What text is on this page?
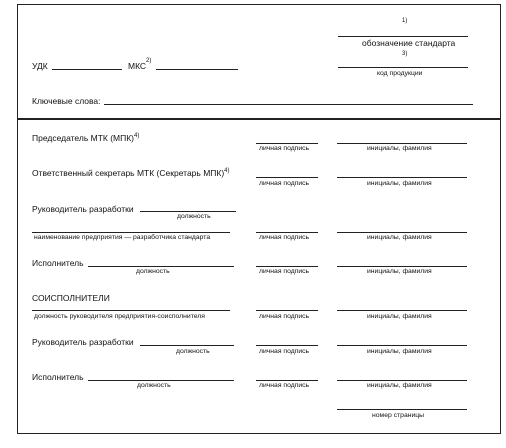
1)
обозначение стандарта
3)
код продукции
УДК	МКС 2)
Ключевые слова:
Председатель МТК (МПК)$^{4)}$
личная подпись	инициалы, фамилия
Ответственный секретарь МТК (Секретарь МПК)$^{4)}$
личная подпись	инициалы, фамилия
Руководитель разработки
должность
наименование предприятия — разработчика стандарта	личная подпись	инициалы, фамилия
Исполнитель
должность	личная подпись	инициалы, фамилия
СОИСПОЛНИТЕЛИ
должность руководителя предприятия-соисполнителя	личная подпись	инициалы, фамилия
Руководитель разработки
должность	личная подпись	инициалы, фамилия
Исполнитель
должность	личная подпись	инициалы, фамилия
номер страницы
